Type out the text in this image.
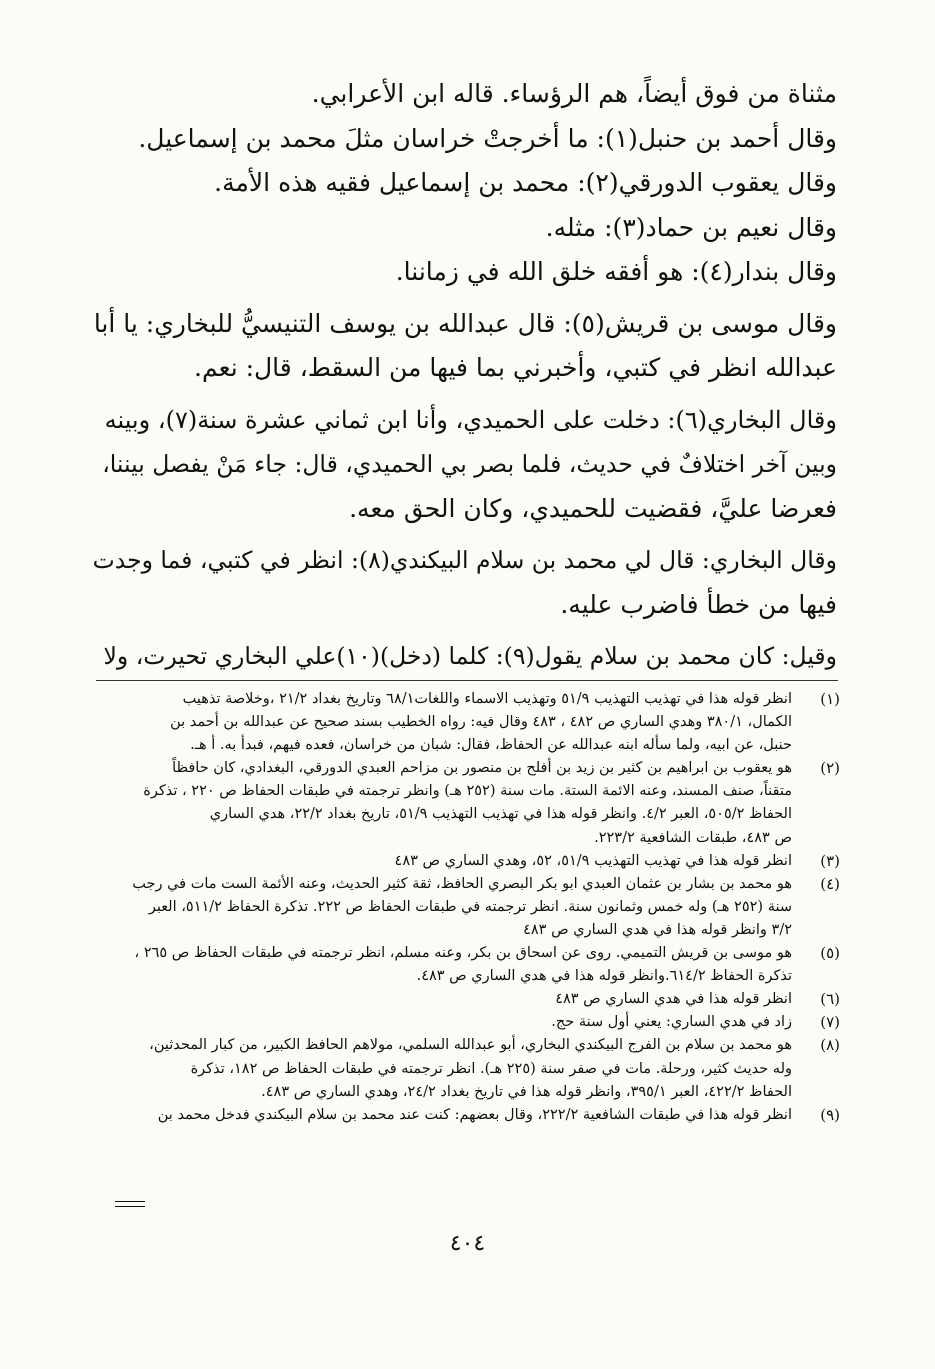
مثناة من فوق أيضاً، هم الرؤساء. قاله ابن الأعرابي.
وقال أحمد بن حنبل(١): ما أخرجتْ خراسان مثلَ محمد بن إسماعيل.
وقال يعقوب الدورقي(٢): محمد بن إسماعيل فقيه هذه الأمة.
وقال نعيم بن حماد(٣): مثله.
وقال بندار(٤): هو أفقه خلق الله في زماننا.
وقال موسى بن قريش(٥): قال عبدالله بن يوسف التنيسيُّ للبخاري: يا أبا
عبدالله انظر في كتبي، وأخبرني بما فيها من السقط، قال: نعم.
وقال البخاري(٦): دخلت على الحميدي، وأنا ابن ثماني عشرة سنة(٧)، وبينه
وبين آخر اختلافٌ في حديث، فلما بصر بي الحميدي، قال: جاء مَنْ يفصل بيننا،
فعرضا عليَّ، فقضيت للحميدي، وكان الحق معه.
وقال البخاري: قال لي محمد بن سلام البيكندي(٨): انظر في كتبي، فما وجدت
فيها من خطأ فاضرب عليه.
وقيل: كان محمد بن سلام يقول(٩): كلما (دخل)(١٠)علي البخاري تحيرت، ولا
(١)
انظر قوله هذا في تهذيب التهذيب ٥١/٩ وتهذيب الاسماء واللغات٦٨/١ وتاريخ بغداد ٢١/٢ ،وخلاصة تذهيب
الكمال، ٣٨٠/١ وهدي الساري ص ٤٨٢ ، ٤٨٣ وقال فيه: رواه الخطيب بسند صحيح عن عبدالله بن أحمد بن
حنبل، عن ابيه، ولما سأله ابنه عبدالله عن الحفاظ، فقال: شبان من خراسان، فعده فيهم، فبدأ به. أ هـ.
(٢)
هو يعقوب بن ابراهيم بن كثير بن زيد بن أفلح بن منصور بن مزاحم العبدي الدورقي، البغدادي، كان حافظاً
متقناً، صنف المسند، وعنه الائمة الستة. مات سنة (٢٥٢ هـ) وانظر ترجمته في طبقات الحفاظ ص ٢٢٠ ، تذكرة
الحفاظ ٥٠٥/٢، العبر ٤/٢. وانظر قوله هذا في تهذيب التهذيب ٥١/٩، تاريخ بغداد ٢٢/٢، هدي الساري
ص ٤٨٣، طبقات الشافعية ٢٢٣/٢.
(٣)
انظر قوله هذا في تهذيب التهذيب ٥١/٩، ٥٢، وهدي الساري ص ٤٨٣
(٤)
هو محمد بن بشار بن عثمان العبدي ابو بكر البصري الحافظ، ثقة كثير الحديث، وعنه الأئمة الست مات في رجب
سنة (٢٥٢ هـ) وله خمس وثمانون سنة. انظر ترجمته في طبقات الحفاظ ص ٢٢٢. تذكرة الحفاظ ٥١١/٢، العبر
٣/٢ وانظر قوله هذا في هدي الساري ص ٤٨٣
(٥)
هو موسى بن قريش التميمي. روى عن اسحاق بن بكر، وعنه مسلم، انظر ترجمته في طبقات الحفاظ ص ٢٦٥ ،
تذكرة الحفاظ ٦١٤/٢.وانظر قوله هذا في هدي الساري ص ٤٨٣.
(٦)
انظر قوله هذا في هدي الساري ص ٤٨٣
(٧)
زاد في هدي الساري: يعني أول سنة حج.
(٨)
هو محمد بن سلام بن الفرج البيكندي البخاري، أبو عبدالله السلمي، مولاهم الحافظ الكبير، من كبار المحدثين،
وله حديث كثير، ورحلة. مات في صفر سنة (٢٢٥ هـ). انظر ترجمته في طبقات الحفاظ ص ١٨٢، تذكرة
الحفاظ ٤٢٢/٢، العبر ٣٩٥/١، وانظر قوله هذا في تاريخ بغداد ٢٤/٢، وهدي الساري ص ٤٨٣.
(٩)
انظر قوله هذا في طبقات الشافعية ٢٢٢/٢، وقال بعضهم: كنت عند محمد بن سلام البيكندي فدخل محمد بن
٤٠٤
